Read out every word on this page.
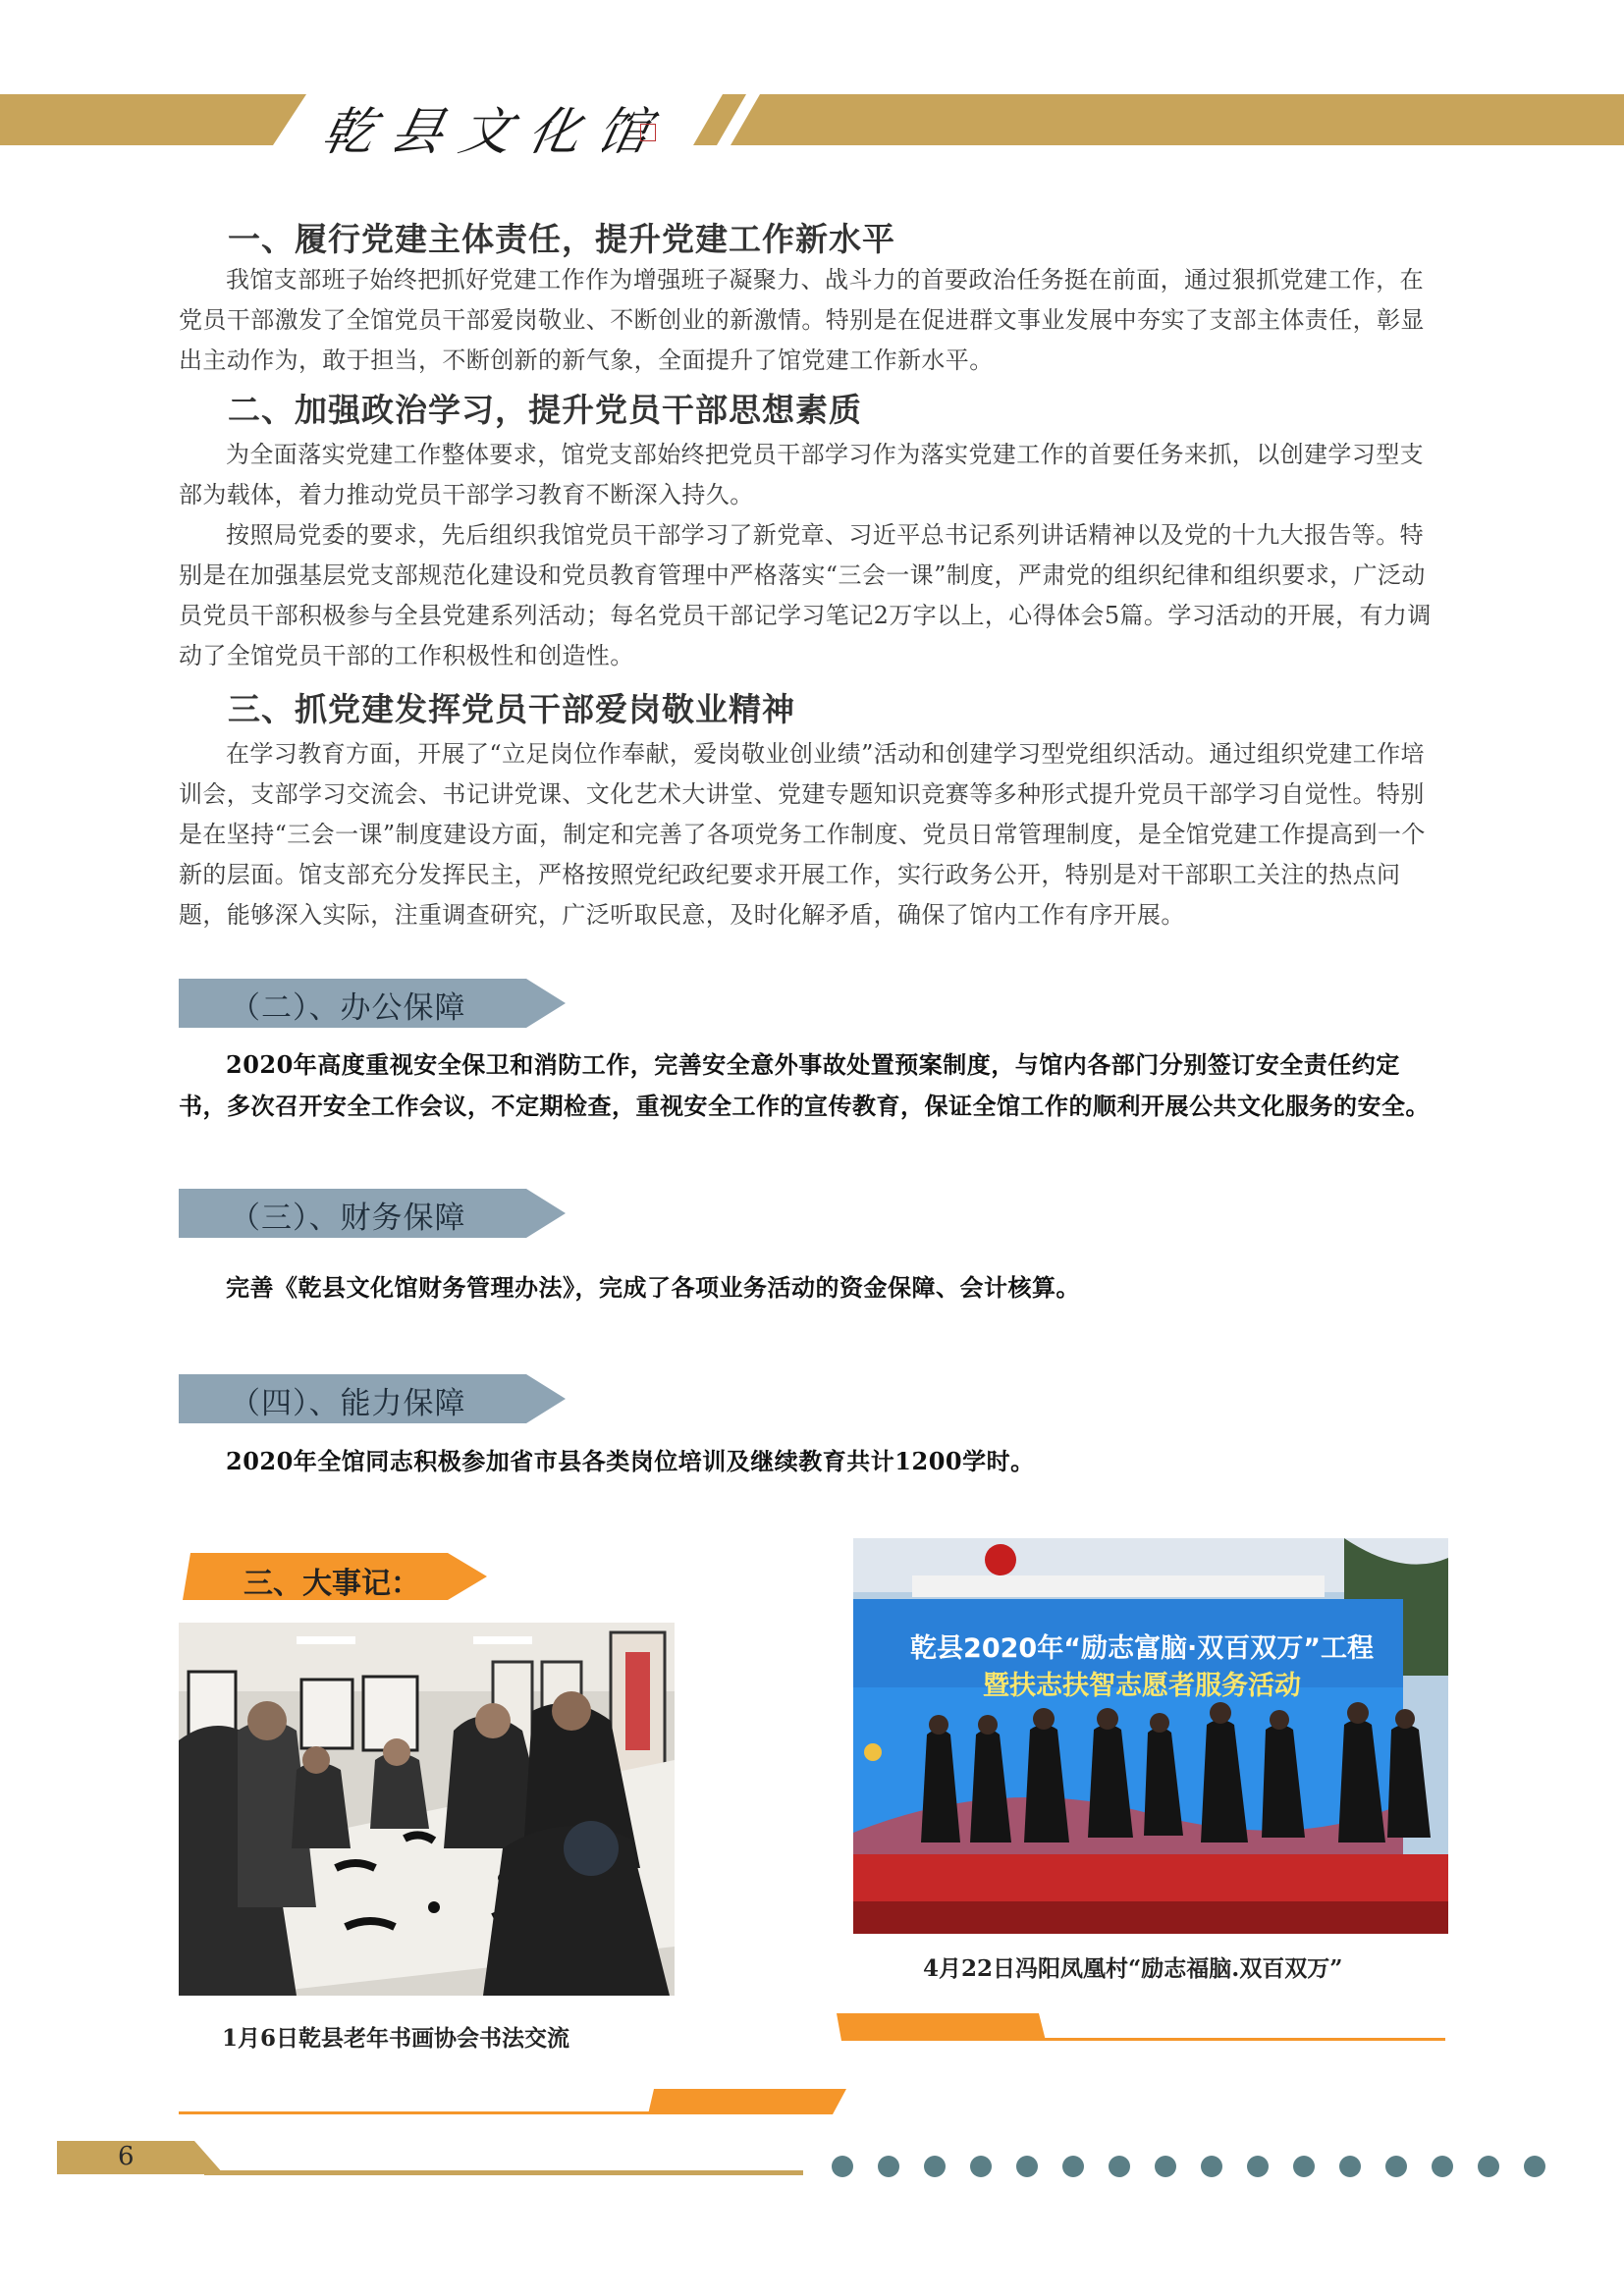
乾县文化馆
一、履行党建主体责任，提升党建工作新水平

我馆支部班子始终把抓好党建工作作为增强班子凝聚力、战斗力的首要政治任务挺在前面，通过狠抓党建工作，在党员干部激发了全馆党员干部爱岗敬业、不断创业的新激情。特别是在促进群文事业发展中夯实了支部主体责任，彰显出主动作为，敢于担当，不断创新的新气象，全面提升了馆党建工作新水平。

二、加强政治学习，提升党员干部思想素质

为全面落实党建工作整体要求，馆党支部始终把党员干部学习作为落实党建工作的首要任务来抓，以创建学习型支部为载体，着力推动党员干部学习教育不断深入持久。

按照局党委的要求，先后组织我馆党员干部学习了新党章、习近平总书记系列讲话精神以及党的十九大报告等。特别是在加强基层党支部规范化建设和党员教育管理中严格落实“三会一课”制度，严肃党的组织纪律和组织要求，广泛动员党员干部积极参与全县党建系列活动；每名党员干部记学习笔记2万字以上，心得体会5篇。学习活动的开展，有力调动了全馆党员干部的工作积极性和创造性。

三、抓党建发挥党员干部爱岗敬业精神

在学习教育方面，开展了“立足岗位作奉献，爱岗敬业创业绩”活动和创建学习型党组织活动。通过组织党建工作培训会，支部学习交流会、书记讲党课、文化艺术大讲堂、党建专题知识竞赛等多种形式提升党员干部学习自觉性。特别是在坚持“三会一课”制度建设方面，制定和完善了各项党务工作制度、党员日常管理制度，是全馆党建工作提高到一个新的层面。馆支部充分发挥民主，严格按照党纪政纪要求开展工作，实行政务公开，特别是对干部职工关注的热点问题，能够深入实际，注重调查研究，广泛听取民意，及时化解矛盾，确保了馆内工作有序开展。

（二）、办公保障

2020年高度重视安全保卫和消防工作，完善安全意外事故处置预案制度，与馆内各部门分别签订安全责任约定书，多次召开安全工作会议，不定期检查，重视安全工作的宣传教育，保证全馆工作的顺利开展公共文化服务的安全。

（三）、财务保障

完善《乾县文化馆财务管理办法》，完成了各项业务活动的资金保障、会计核算。

（四）、能力保障

2020年全馆同志积极参加省市县各类岗位培训及继续教育共计1200学时。

三、大事记：

1月6日乾县老年书画协会书法交流

乾县2020年“励志富脑·双百双万”工程
暨扶志扶智志愿者服务活动

4月22日冯阳凤凰村“励志福脑.双百双万”

6
